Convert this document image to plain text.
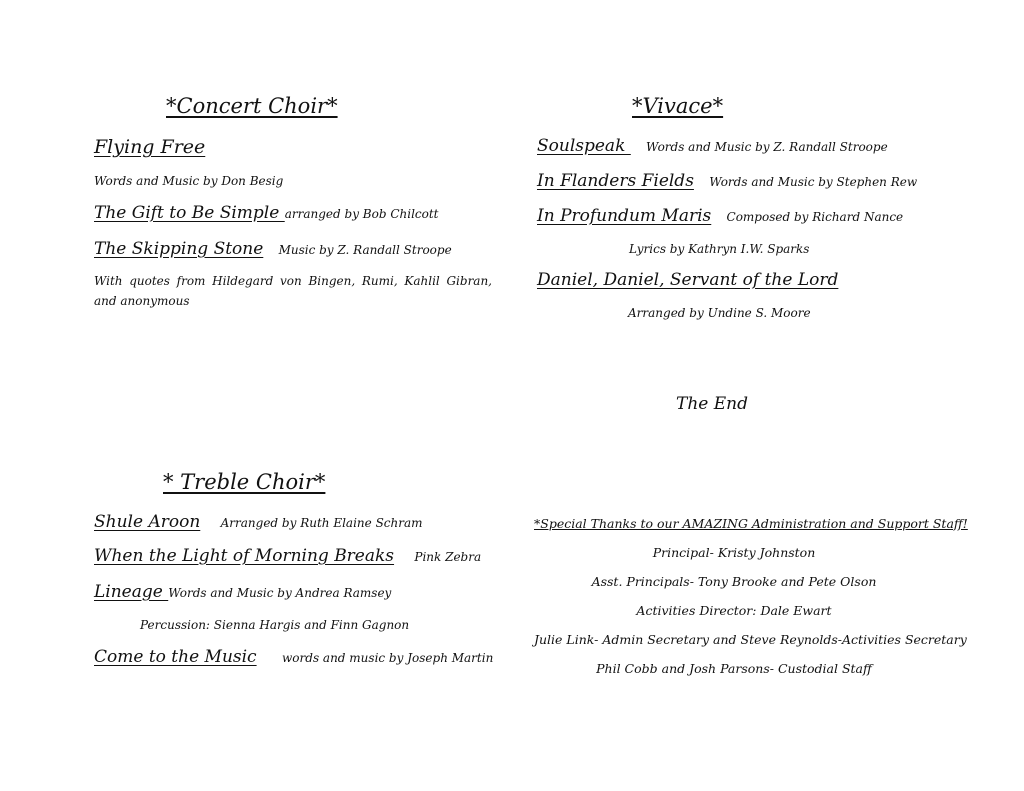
*Concert Choir*
Flying Free
Words and Music by Don Besig
The Gift to Be Simple arranged by Bob Chilcott
The Skipping Stone Music by Z. Randall Stroope
With quotes from Hildegard von Bingen, Rumi, Kahlil Gibran, and anonymous
*Vivace*
Soulspeak    Words and Music by Z. Randall Stroope
In Flanders Fields Words and Music by Stephen Rew
In Profundum Maris Composed by Richard Nance
Lyrics by Kathryn I.W. Sparks
Daniel, Daniel, Servant of the Lord
Arranged by Undine S. Moore
The End
* Treble Choir*
Shule Aroon Arranged by Ruth Elaine Schram
When the Light of Morning Breaks Pink Zebra
Lineage Words and Music by Andrea Ramsey
Percussion: Sienna Hargis and Finn Gagnon
Come to the Music words and music by Joseph Martin
*Special Thanks to our AMAZING Administration and Support Staff!
Principal- Kristy Johnston
Asst. Principals- Tony Brooke and Pete Olson
Activities Director: Dale Ewart
Julie Link- Admin Secretary and Steve Reynolds-Activities Secretary
Phil Cobb and Josh Parsons- Custodial Staff
